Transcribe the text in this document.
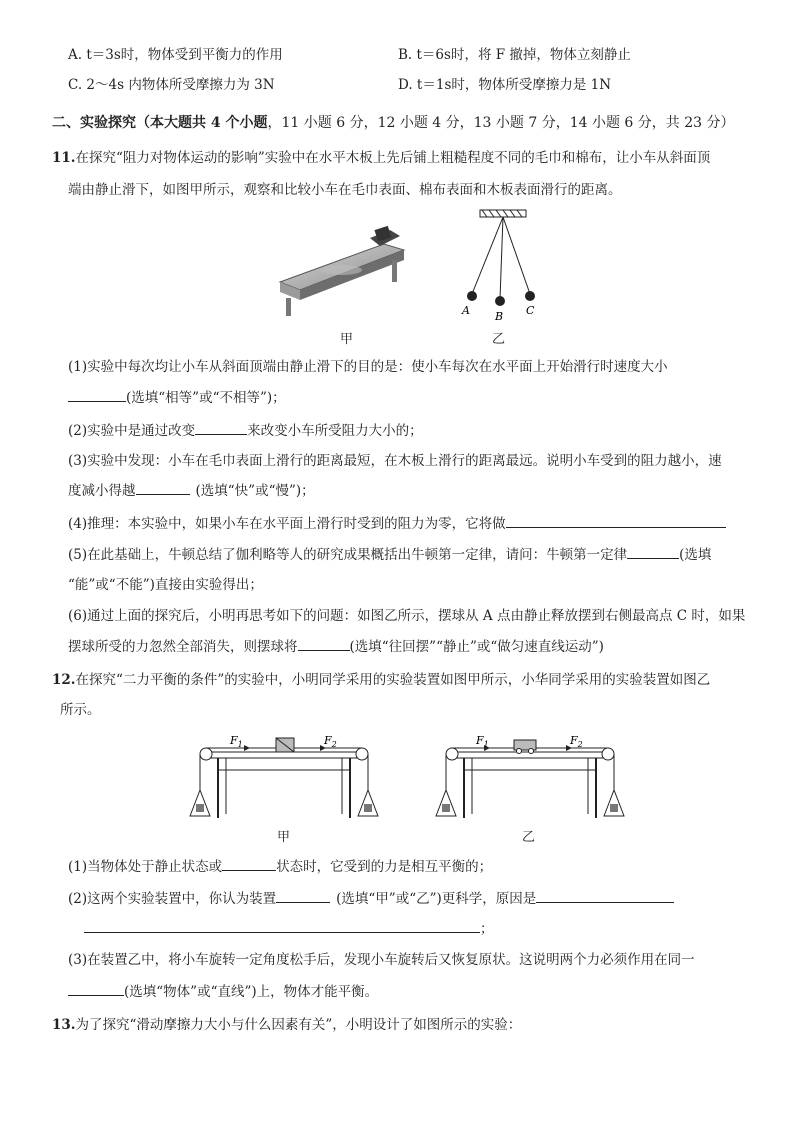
A. t＝3s时，物体受到平衡力的作用	B. t＝6s时，将 F 撤掉，物体立刻静止
C. 2～4s 内物体所受摩擦力为 3N	D. t＝1s时，物体所受摩擦力是 1N
二、实验探究（本大题共 4 个小题，11 小题 6 分，12 小题 4 分，13 小题 7 分，14 小题 6 分，共 23 分）
11.在探究“阻力对物体运动的影响”实验中在水平木板上先后铺上粗糙程度不同的毛巾和棉布，让小车从斜面顶
端由静止滑下，如图甲所示，观察和比较小车在毛巾表面、棉布表面和木板表面滑行的距离。
甲
A B C
乙
(1)实验中每次均让小车从斜面顶端由静止滑下的目的是：使小车每次在水平面上开始滑行时速度大小
(选填“相等”或“不相等”)；
(2)实验中是通过改变	来改变小车所受阻力大小的；
(3)实验中发现：小车在毛巾表面上滑行的距离最短，在木板上滑行的距离最远。说明小车受到的阻力越小，速
度减小得越	(选填“快”或“慢”)；
(4)推理：本实验中，如果小车在水平面上滑行时受到的阻力为零，它将做
(5)在此基础上，牛顿总结了伽利略等人的研究成果概括出牛顿第一定律，请问：牛顿第一定律	(选填
“能”或“不能”)直接由实验得出；
(6)通过上面的探究后，小明再思考如下的问题：如图乙所示，摆球从 A 点由静止释放摆到右侧最高点 C 时，如果
摆球所受的力忽然全部消失，则摆球将	(选填“往回摆”“静止”或“做匀速直线运动”)
12.在探究“二力平衡的条件”的实验中，小明同学采用的实验装置如图甲所示，小华同学采用的实验装置如图乙
所示。
$F_1$	$F_2$
甲
$F_1$	$F_2$
乙
(1)当物体处于静止状态或	状态时，它受到的力是相互平衡的；
(2)这两个实验装置中，你认为装置	(选填“甲”或“乙”)更科学，原因是
；
(3)在装置乙中，将小车旋转一定角度松手后，发现小车旋转后又恢复原状。这说明两个力必须作用在同一
(选填“物体”或“直线”)上，物体才能平衡。
13.为了探究“滑动摩擦力大小与什么因素有关”，小明设计了如图所示的实验：
